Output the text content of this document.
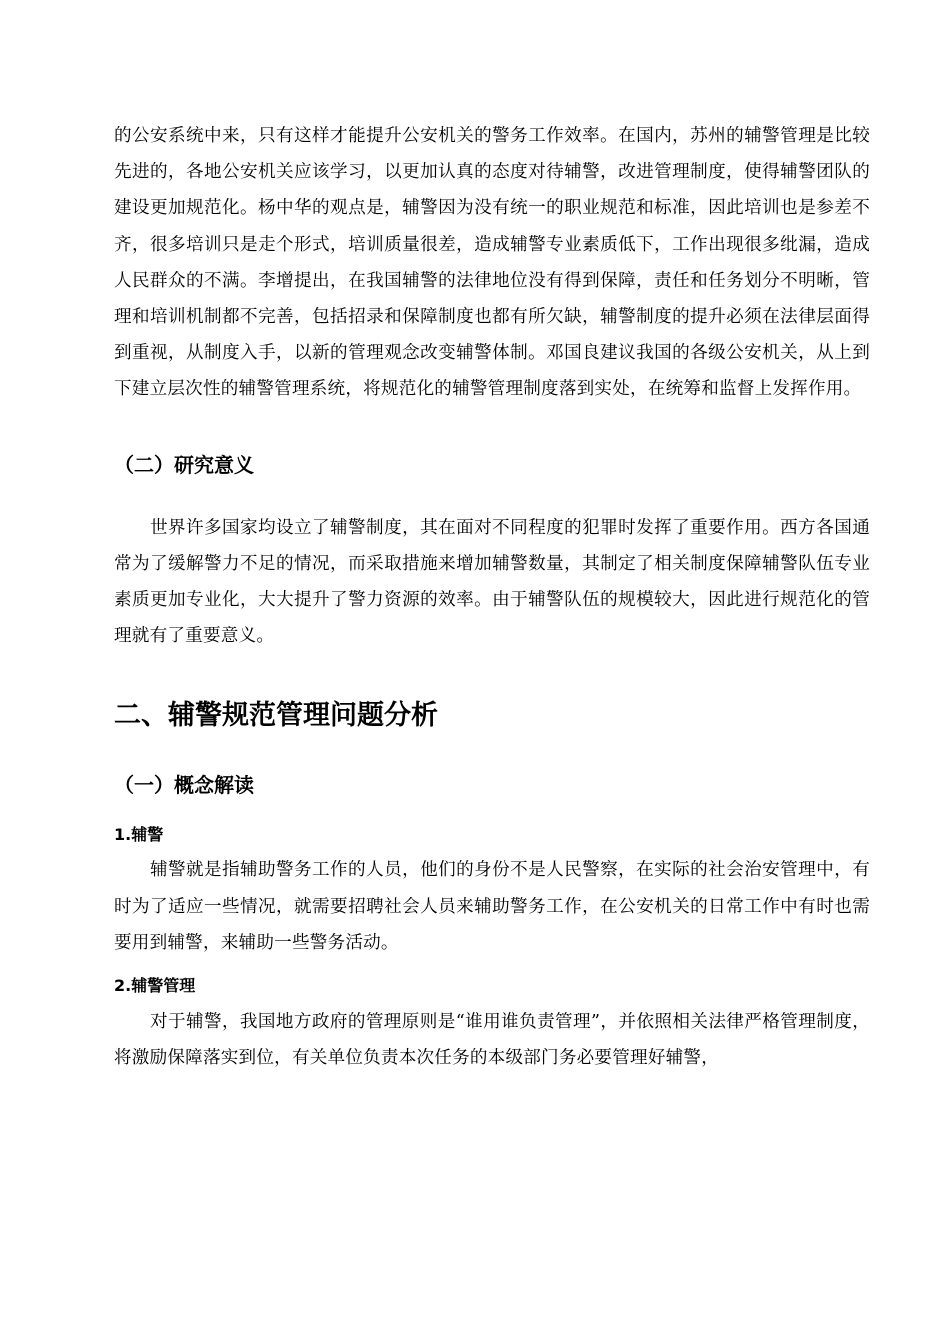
的公安系统中来，只有这样才能提升公安机关的警务工作效率。在国内，苏州的辅警管理是比较先进的，各地公安机关应该学习，以更加认真的态度对待辅警，改进管理制度，使得辅警团队的建设更加规范化。杨中华的观点是，辅警因为没有统一的职业规范和标准，因此培训也是参差不齐，很多培训只是走个形式，培训质量很差，造成辅警专业素质低下，工作出现很多纰漏，造成人民群众的不满。李增提出，在我国辅警的法律地位没有得到保障，责任和任务划分不明晰，管理和培训机制都不完善，包括招录和保障制度也都有所欠缺，辅警制度的提升必须在法律层面得到重视，从制度入手，以新的管理观念改变辅警体制。邓国良建议我国的各级公安机关，从上到下建立层次性的辅警管理系统，将规范化的辅警管理制度落到实处，在统筹和监督上发挥作用。

（二）研究意义

世界许多国家均设立了辅警制度，其在面对不同程度的犯罪时发挥了重要作用。西方各国通常为了缓解警力不足的情况，而采取措施来增加辅警数量，其制定了相关制度保障辅警队伍专业素质更加专业化，大大提升了警力资源的效率。由于辅警队伍的规模较大，因此进行规范化的管理就有了重要意义。

二、辅警规范管理问题分析
（一）概念解读
1.辅警

辅警就是指辅助警务工作的人员，他们的身份不是人民警察，在实际的社会治安管理中，有时为了适应一些情况，就需要招聘社会人员来辅助警务工作，在公安机关的日常工作中有时也需要用到辅警，来辅助一些警务活动。

2.辅警管理

对于辅警，我国地方政府的管理原则是“谁用谁负责管理”，并依照相关法律严格管理制度，将激励保障落实到位，有关单位负责本次任务的本级部门务必要管理好辅警，
